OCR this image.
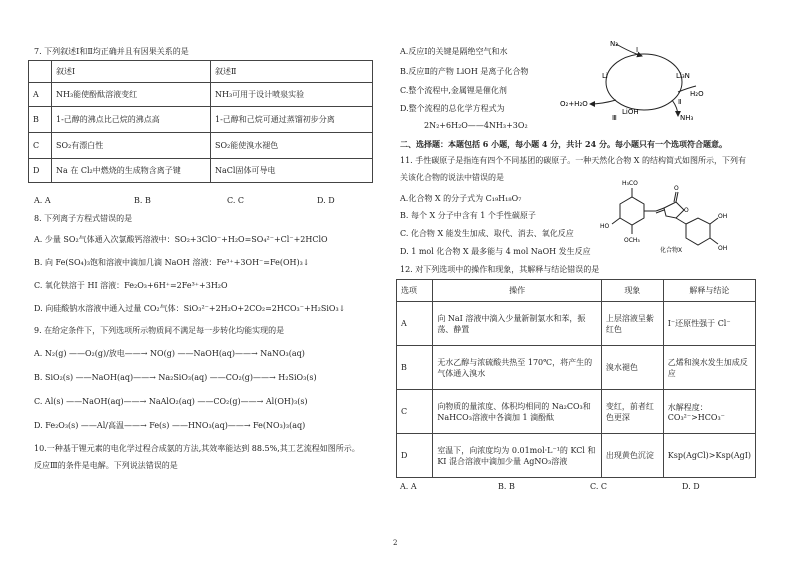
7. 下列叙述Ⅰ和Ⅱ均正确并且有因果关系的是
	叙述Ⅰ	叙述Ⅱ
A	NH₃能使酚酞溶液变红	NH₃可用于设计喷泉实验
B	1-己醇的沸点比己烷的沸点高	1-己醇和己烷可通过蒸馏初步分离
C	SO₂有漂白性	SO₂能使溴水褪色
D	Na 在 Cl₂中燃烧的生成物含离子键	NaCl固体可导电
A. A	B. B	C. C	D. D
8. 下列离子方程式错误的是
A. 少量 SO₂气体通入次氯酸钙溶液中：SO₂+3ClO⁻+H₂O=SO₄²⁻+Cl⁻+2HClO
B. 向 Fe(SO₄)₃饱和溶液中滴加几滴 NaOH 溶液：Fe³⁺+3OH⁻=Fe(OH)₃↓
C. 氧化铁溶于 HI 溶液：Fe₂O₃+6H⁺=2Fe³⁺+3H₂O
D. 向硅酸钠水溶液中通入过量 CO₂气体：SiO₃²⁻+2H₂O+2CO₂=2HCO₃⁻+H₂SiO₃↓
9. 在给定条件下，下列选项所示物质间不满足每一步转化均能实现的是
A. N₂(g) ——O₂(g)/放电——→ NO(g) ——NaOH(aq)——→ NaNO₃(aq)
B. SiO₂(s) ——NaOH(aq)——→ Na₂SiO₃(aq) ——CO₂(g)——→ H₂SiO₃(s)
C. Al(s) ——NaOH(aq)——→ NaAlO₂(aq) ——CO₂(g)——→ Al(OH)₃(s)
D. Fe₂O₃(s) ——Al/高温——→ Fe(s) ——HNO₃(aq)——→ Fe(NO₃)₃(aq)
10.一种基于锂元素的电化学过程合成氨的方法,其效率能达到 88.5%,其工艺流程如图所示。
反应Ⅲ的条件是电解。下列说法错误的是
A.反应Ⅰ的关键是隔绝空气和水
B.反应Ⅱ的产物 LiOH 是离子化合物
C.整个流程中,金属锂是催化剂
D.整个流程的总化学方程式为
2N₂+6H₂O——4NH₃+3O₂
N₂
Li	Li₃N
H₂O
NH₃
LiOH
O₂+H₂O
Ⅰ
Ⅱ
Ⅲ
二、选择题：本题包括 6 小题，每小题 4 分，共计 24 分。每小题只有一个选项符合题意。
11. 手性碳原子是指连有四个不同基团的碳原子。一种天然化合物 X 的结构简式如图所示，下列有
关该化合物的说法中错误的是
A.化合物 X 的分子式为 C₁₉H₁₈O₇
B. 每个 X 分子中含有 1 个手性碳原子
C. 化合物 X 能发生加成、取代、消去、氧化反应
D. 1 mol 化合物 X 最多能与 4 mol NaOH 发生反应
H₃CO
HO
OCH₃
O
O
OH
OH
化合物X
12. 对下列选项中的操作和现象，其解释与结论错误的是
选项	操作	现象	解释与结论
A	向 NaI 溶液中滴入少量新制氯水和苯，振荡、静置	上层溶液呈紫红色	I⁻还原性强于 Cl⁻
B	无水乙醇与浓硫酸共热至 170℃，将产生的气体通入溴水	溴水褪色	乙烯和溴水发生加成反应
C	向物质的量浓度、体积均相同的 Na₂CO₃和 NaHCO₃溶液中各滴加 1 滴酚酞	变红，前者红色更深	水解程度：CO₃²⁻>HCO₃⁻
D	室温下，向浓度均为 0.01mol·L⁻¹的 KCl 和 KI 混合溶液中滴加少量 AgNO₃溶液	出现黄色沉淀	Ksp(AgCl)>Ksp(AgI)
A. A	B. B	C. C	D. D
2
